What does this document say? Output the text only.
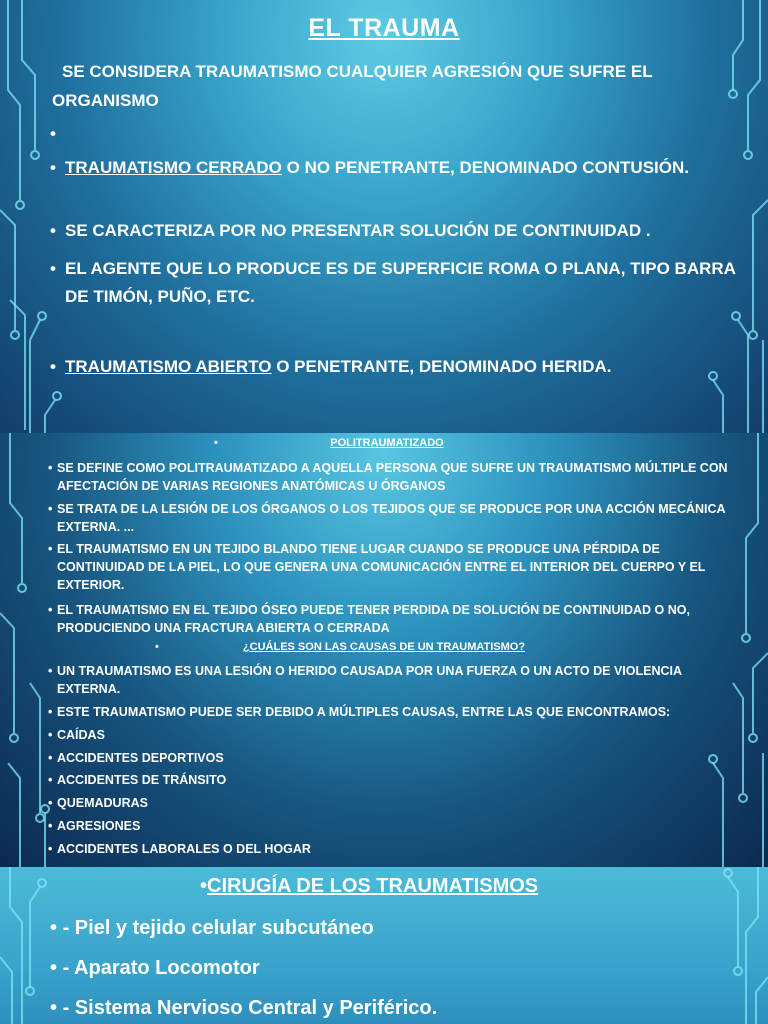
EL TRAUMA
SE CONSIDERA TRAUMATISMO CUALQUIER AGRESIÓN QUE SUFRE EL ORGANISMO
•
• TRAUMATISMO CERRADO O NO PENETRANTE, DENOMINADO CONTUSIÓN.
• SE CARACTERIZA POR NO PRESENTAR SOLUCIÓN DE CONTINUIDAD .
• EL AGENTE QUE LO PRODUCE ES DE SUPERFICIE ROMA O PLANA, TIPO BARRA DE TIMÓN, PUÑO, ETC.
• TRAUMATISMO ABIERTO O PENETRANTE, DENOMINADO HERIDA.
•	POLITRAUMATIZADO
• SE DEFINE COMO POLITRAUMATIZADO A AQUELLA PERSONA QUE SUFRE UN TRAUMATISMO MÚLTIPLE CON AFECTACIÓN DE VARIAS REGIONES ANATÓMICAS U ÓRGANOS
• SE TRATA DE LA LESIÓN DE LOS ÓRGANOS O LOS TEJIDOS QUE SE PRODUCE POR UNA ACCIÓN MECÁNICA EXTERNA. ...
• EL TRAUMATISMO EN UN TEJIDO BLANDO TIENE LUGAR CUANDO SE PRODUCE UNA PÉRDIDA DE CONTINUIDAD DE LA PIEL, LO QUE GENERA UNA COMUNICACIÓN ENTRE EL INTERIOR DEL CUERPO Y EL EXTERIOR.
• EL TRAUMATISMO EN EL TEJIDO ÓSEO PUEDE TENER PERDIDA DE SOLUCIÓN DE CONTINUIDAD O NO, PRODUCIENDO UNA FRACTURA ABIERTA O CERRADA
•	¿CUÁLES SON LAS CAUSAS DE UN TRAUMATISMO?
• UN TRAUMATISMO ES UNA LESIÓN O HERIDO CAUSADA POR UNA FUERZA O UN ACTO DE VIOLENCIA EXTERNA.
• ESTE TRAUMATISMO PUEDE SER DEBIDO A MÚLTIPLES CAUSAS, ENTRE LAS QUE ENCONTRAMOS:
• CAÍDAS
• ACCIDENTES DEPORTIVOS
• ACCIDENTES DE TRÁNSITO
• QUEMADURAS
• AGRESIONES
• ACCIDENTES LABORALES O DEL HOGAR
•CIRUGÍA DE LOS TRAUMATISMOS
• - Piel y tejido celular subcutáneo
• - Aparato Locomotor
• - Sistema Nervioso Central y Periférico.
